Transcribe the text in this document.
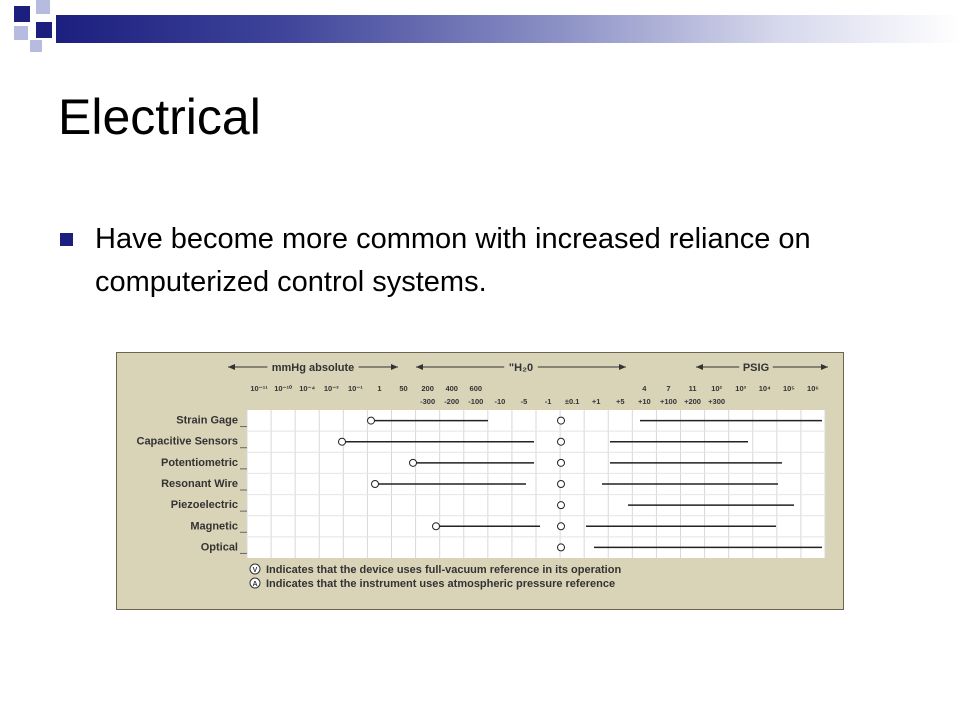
Electrical
Have become more common with increased reliance on computerized control systems.
mmHg absolute	"H₂0	PSIG
10⁻¹¹ 10⁻¹⁰ 10⁻⁴ 10⁻³ 10⁻¹ 1 50 200 400 600	4	7 11 10² 10³ 10⁴ 10⁵ 10⁶
-300 -200 -100 -10 -5 -1 ±0.1 +1 +5 +10 +100 +200 +300
Strain Gage
Capacitive Sensors
Potentiometric
Resonant Wire
Piezoelectric
Magnetic
Optical
V Indicates that the device uses full-vacuum reference in its operation
A Indicates that the instrument uses atmospheric pressure reference
